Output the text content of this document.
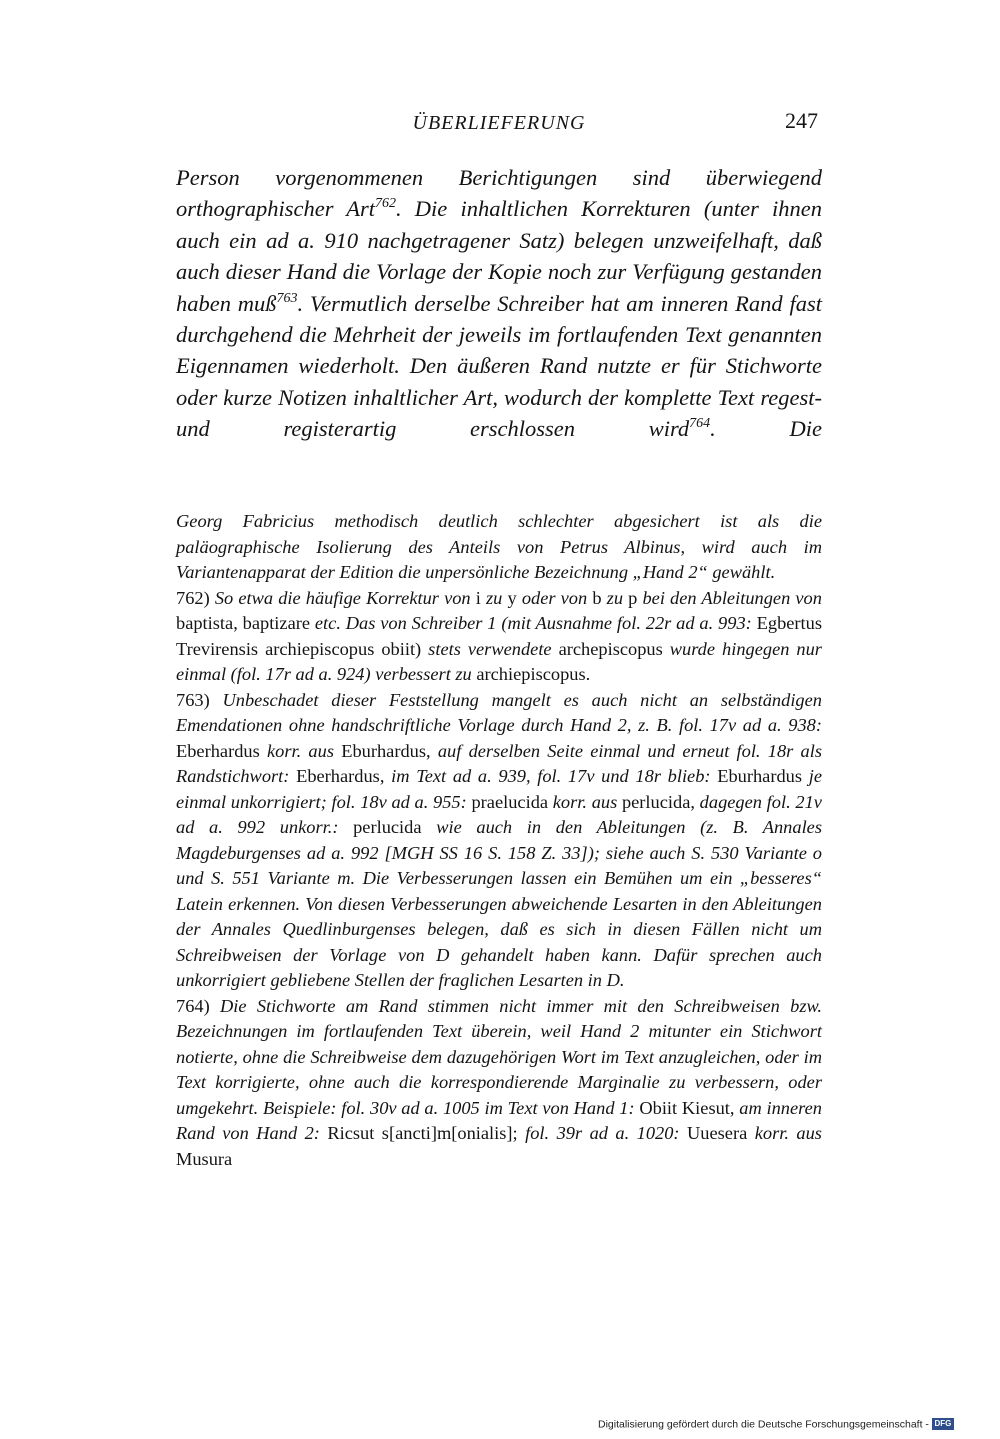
ÜBERLIEFERUNG	247

Person vorgenommenen Berichtigungen sind überwiegend orthographischer Art$^{762}$. Die inhaltlichen Korrekturen (unter ihnen auch ein ad a. 910 nachgetragener Satz) belegen unzweifelhaft, daß auch dieser Hand die Vorlage der Kopie noch zur Verfügung gestanden haben muß$^{763}$. Vermutlich derselbe Schreiber hat am inneren Rand fast durchgehend die Mehrheit der jeweils im fortlaufenden Text genannten Eigennamen wiederholt. Den äußeren Rand nutzte er für Stichworte oder kurze Notizen inhaltlicher Art, wodurch der komplette Text regest- und registerartig erschlossen wird$^{764}$. Die

Georg Fabricius methodisch deutlich schlechter abgesichert ist als die paläographische Isolierung des Anteils von Petrus Albinus, wird auch im Variantenapparat der Edition die unpersönliche Bezeichnung „Hand 2“ gewählt.

762) So etwa die häufige Korrektur von i zu y oder von b zu p bei den Ableitungen von baptista, baptizare etc. Das von Schreiber 1 (mit Ausnahme fol. 22r ad a. 993: Egbertus Trevirensis archiepiscopus obiit) stets verwendete archepiscopus wurde hingegen nur einmal (fol. 17r ad a. 924) verbessert zu archiepiscopus.

763) Unbeschadet dieser Feststellung mangelt es auch nicht an selbständigen Emendationen ohne handschriftliche Vorlage durch Hand 2, z. B. fol. 17v ad a. 938: Eberhardus korr. aus Eburhardus, auf derselben Seite einmal und erneut fol. 18r als Randstichwort: Eberhardus, im Text ad a. 939, fol. 17v und 18r blieb: Eburhardus je einmal unkorrigiert; fol. 18v ad a. 955: praelucida korr. aus perlucida, dagegen fol. 21v ad a. 992 unkorr.: perlucida wie auch in den Ableitungen (z. B. Annales Magdeburgenses ad a. 992 [MGH SS 16 S. 158 Z. 33]); siehe auch S. 530 Variante o und S. 551 Variante m. Die Verbesserungen lassen ein Bemühen um ein „besseres“ Latein erkennen. Von diesen Verbesserungen abweichende Lesarten in den Ableitungen der Annales Quedlinburgenses belegen, daß es sich in diesen Fällen nicht um Schreibweisen der Vorlage von D gehandelt haben kann. Dafür sprechen auch unkorrigiert gebliebene Stellen der fraglichen Lesarten in D.

764) Die Stichworte am Rand stimmen nicht immer mit den Schreibweisen bzw. Bezeichnungen im fortlaufenden Text überein, weil Hand 2 mitunter ein Stichwort notierte, ohne die Schreibweise dem dazugehörigen Wort im Text anzugleichen, oder im Text korrigierte, ohne auch die korrespondierende Marginalie zu verbessern, oder umgekehrt. Beispiele: fol. 30v ad a. 1005 im Text von Hand 1: Obiit Kiesut, am inneren Rand von Hand 2: Ricsut s[ancti]m[onialis]; fol. 39r ad a. 1020: Uuesera korr. aus Musura

Digitalisierung gefördert durch die Deutsche Forschungsgemeinschaft - DFG
